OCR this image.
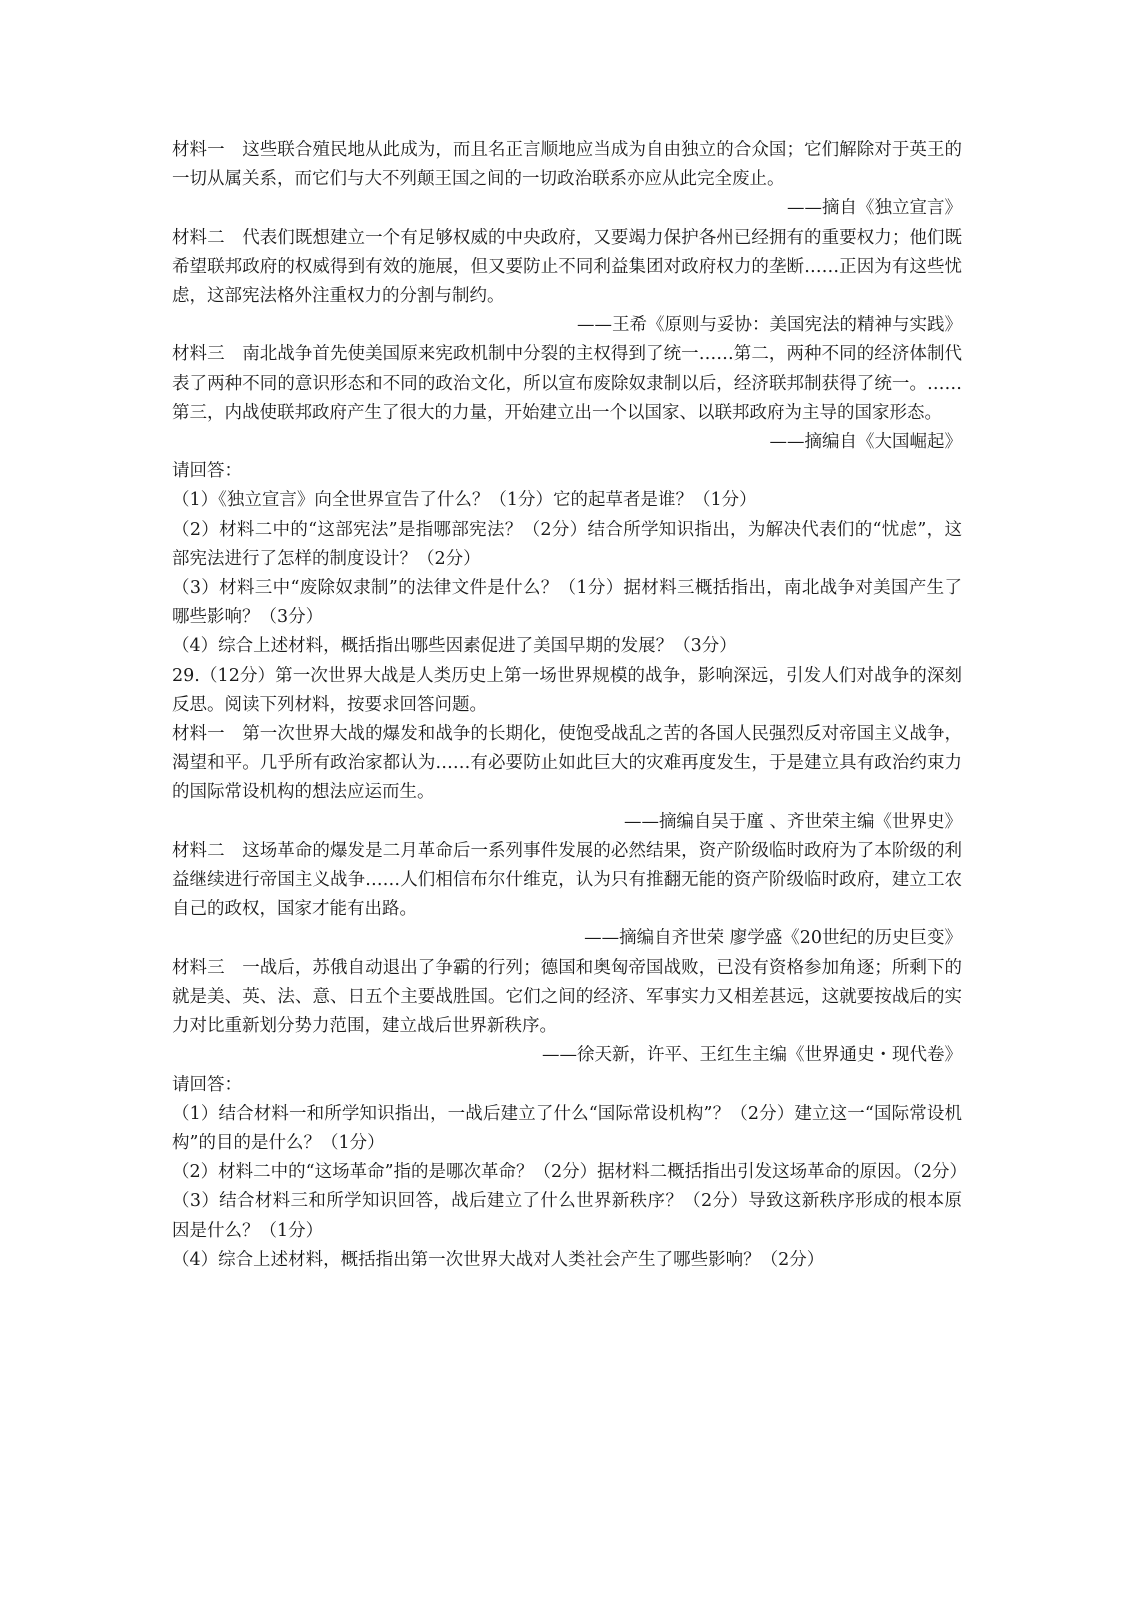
材料一 这些联合殖民地从此成为，而且名正言顺地应当成为自由独立的合众国；它们解除对于英王的一切从属关系，而它们与大不列颠王国之间的一切政治联系亦应从此完全废止。

——摘自《独立宣言》

材料二 代表们既想建立一个有足够权威的中央政府，又要竭力保护各州已经拥有的重要权力；他们既希望联邦政府的权威得到有效的施展，但又要防止不同利益集团对政府权力的垄断……正因为有这些忧虑，这部宪法格外注重权力的分割与制约。

——王希《原则与妥协：美国宪法的精神与实践》

材料三 南北战争首先使美国原来宪政机制中分裂的主权得到了统一……第二，两种不同的经济体制代表了两种不同的意识形态和不同的政治文化，所以宣布废除奴隶制以后，经济联邦制获得了统一。……第三，内战使联邦政府产生了很大的力量，开始建立出一个以国家、以联邦政府为主导的国家形态。

——摘编自《大国崛起》

请回答：

（1）《独立宣言》向全世界宣告了什么？（1分）它的起草者是谁？（1分）

（2）材料二中的“这部宪法”是指哪部宪法？（2分）结合所学知识指出，为解决代表们的“忧虑”，这部宪法进行了怎样的制度设计？（2分）

（3）材料三中“废除奴隶制”的法律文件是什么？（1分）据材料三概括指出，南北战争对美国产生了哪些影响？（3分）

（4）综合上述材料，概括指出哪些因素促进了美国早期的发展？（3分）

29.（12分）第一次世界大战是人类历史上第一场世界规模的战争，影响深远，引发人们对战争的深刻反思。阅读下列材料，按要求回答问题。

材料一 第一次世界大战的爆发和战争的长期化，使饱受战乱之苦的各国人民强烈反对帝国主义战争，渴望和平。几乎所有政治家都认为……有必要防止如此巨大的灾难再度发生，于是建立具有政治约束力的国际常设机构的想法应运而生。

——摘编自吴于廑 、齐世荣主编《世界史》

材料二 这场革命的爆发是二月革命后一系列事件发展的必然结果，资产阶级临时政府为了本阶级的利益继续进行帝国主义战争……人们相信布尔什维克，认为只有推翻无能的资产阶级临时政府，建立工农自己的政权，国家才能有出路。

——摘编自齐世荣 廖学盛《20世纪的历史巨变》

材料三 一战后，苏俄自动退出了争霸的行列；德国和奥匈帝国战败，已没有资格参加角逐；所剩下的就是美、英、法、意、日五个主要战胜国。它们之间的经济、军事实力又相差甚远，这就要按战后的实力对比重新划分势力范围，建立战后世界新秩序。

——徐天新，许平、王红生主编《世界通史・现代卷》

请回答：

（1）结合材料一和所学知识指出，一战后建立了什么“国际常设机构”？（2分）建立这一“国际常设机构”的目的是什么？（1分）

（2）材料二中的“这场革命”指的是哪次革命？（2分）据材料二概括指出引发这场革命的原因。（2分）

（3）结合材料三和所学知识回答，战后建立了什么世界新秩序？（2分）导致这新秩序形成的根本原因是什么？（1分）

（4）综合上述材料，概括指出第一次世界大战对人类社会产生了哪些影响？（2分）
